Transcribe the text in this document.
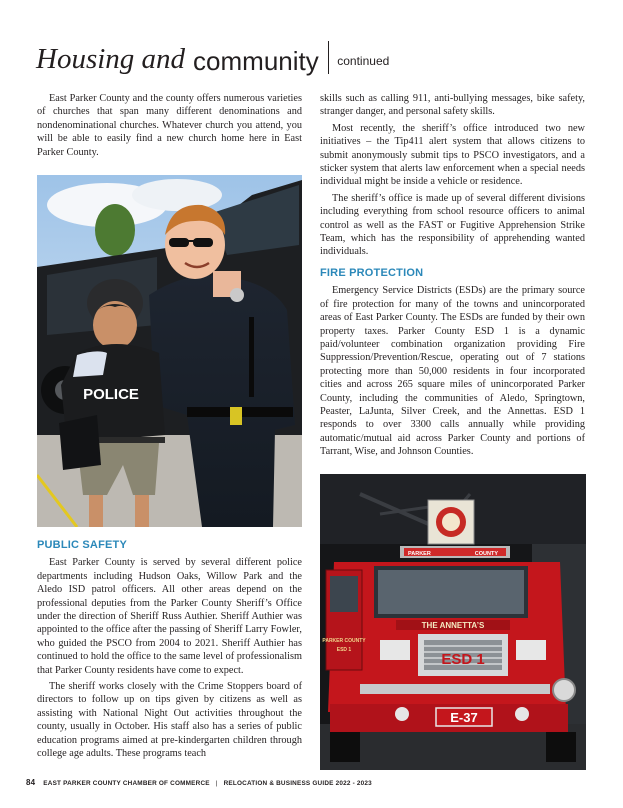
Housing and community continued

East Parker County and the county offers numerous varieties of churches that span many different denominations and nondenominational churches. Whatever church you attend, you will be able to easily find a new church home here in East Parker County.

POLICE
PUBLIC SAFETY

East Parker County is served by several different police departments including Hudson Oaks, Willow Park and the Aledo ISD patrol officers. All other areas depend on the professional deputies from the Parker County Sheriff’s Office under the direction of Sheriff Russ Authier. Sheriff Authier was appointed to the office after the passing of Sheriff Larry Fowler, who guided the PSCO from 2004 to 2021. Sheriff Authier has continued to hold the office to the same level of professionalism that Parker County residents have come to expect.

The sheriff works closely with the Crime Stoppers board of directors to follow up on tips given by citizens as well as assisting with National Night Out activities throughout the county, usually in October. His staff also has a series of public education programs aimed at pre-kindergarten children through college age adults. These programs teach

skills such as calling 911, anti-bullying messages, bike safety, stranger danger, and personal safety skills.

Most recently, the sheriff’s office introduced two new initiatives – the Tip411 alert system that allows citizens to submit anonymously submit tips to PSCO investigators, and a sticker system that alerts law enforcement when a special needs individual might be inside a vehicle or residence.

The sheriff’s office is made up of several different divisions including everything from school resource officers to animal control as well as the FAST or Fugitive Apprehension Strike Team, which has the responsibility of apprehending wanted individuals.

FIRE PROTECTION

Emergency Service Districts (ESDs) are the primary source of fire protection for many of the towns and unincorporated areas of East Parker County. The ESDs are funded by their own property taxes. Parker County ESD 1 is a dynamic paid/volunteer combination organization providing Fire Suppression/Prevention/Rescue, operating out of 7 stations protecting more than 50,000 residents in four incorporated cities and across 265 square miles of unincorporated Parker County, including the communities of Aledo, Springtown, Peaster, LaJunta, Silver Creek, and the Annettas. ESD 1 responds to over 3300 calls annually while providing automatic/mutual aid across Parker County and portions of Tarrant, Wise, and Johnson Counties.

PARKER	COUNTY
THE ANNETTA’S
PARKER COUNTY
ESD 1
ESD 1
E-37
84 EAST PARKER COUNTY CHAMBER OF COMMERCE | RELOCATION & BUSINESS GUIDE 2022 - 2023
